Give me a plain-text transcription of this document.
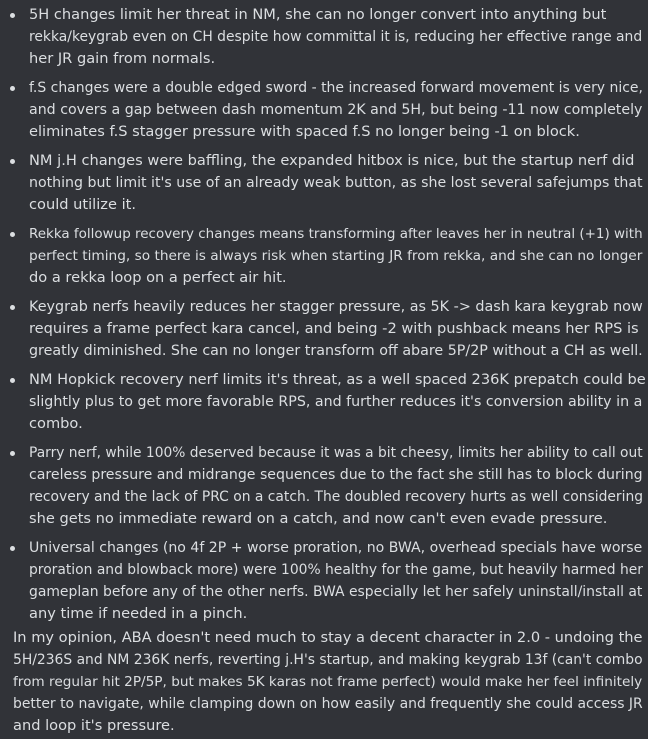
5H changes limit her threat in NM, she can no longer convert into anything but
rekka/keygrab even on CH despite how committal it is, reducing her effective range and
her JR gain from normals.
f.S changes were a double edged sword - the increased forward movement is very nice,
and covers a gap between dash momentum 2K and 5H, but being -11 now completely
eliminates f.S stagger pressure with spaced f.S no longer being -1 on block.
NM j.H changes were baffling, the expanded hitbox is nice, but the startup nerf did
nothing but limit it's use of an already weak button, as she lost several safejumps that
could utilize it.
Rekka followup recovery changes means transforming after leaves her in neutral (+1) with
perfect timing, so there is always risk when starting JR from rekka, and she can no longer
do a rekka loop on a perfect air hit.
Keygrab nerfs heavily reduces her stagger pressure, as 5K -> dash kara keygrab now
requires a frame perfect kara cancel, and being -2 with pushback means her RPS is
greatly diminished. She can no longer transform off abare 5P/2P without a CH as well.
NM Hopkick recovery nerf limits it's threat, as a well spaced 236K prepatch could be
slightly plus to get more favorable RPS, and further reduces it's conversion ability in a
combo.
Parry nerf, while 100% deserved because it was a bit cheesy, limits her ability to call out
careless pressure and midrange sequences due to the fact she still has to block during
recovery and the lack of PRC on a catch. The doubled recovery hurts as well considering
she gets no immediate reward on a catch, and now can't even evade pressure.
Universal changes (no 4f 2P + worse proration, no BWA, overhead specials have worse
proration and blowback more) were 100% healthy for the game, but heavily harmed her
gameplan before any of the other nerfs. BWA especially let her safely uninstall/install at
any time if needed in a pinch.
In my opinion, ABA doesn't need much to stay a decent character in 2.0 - undoing the
5H/236S and NM 236K nerfs, reverting j.H's startup, and making keygrab 13f (can't combo
from regular hit 2P/5P, but makes 5K karas not frame perfect) would make her feel infinitely
better to navigate, while clamping down on how easily and frequently she could access JR
and loop it's pressure.
